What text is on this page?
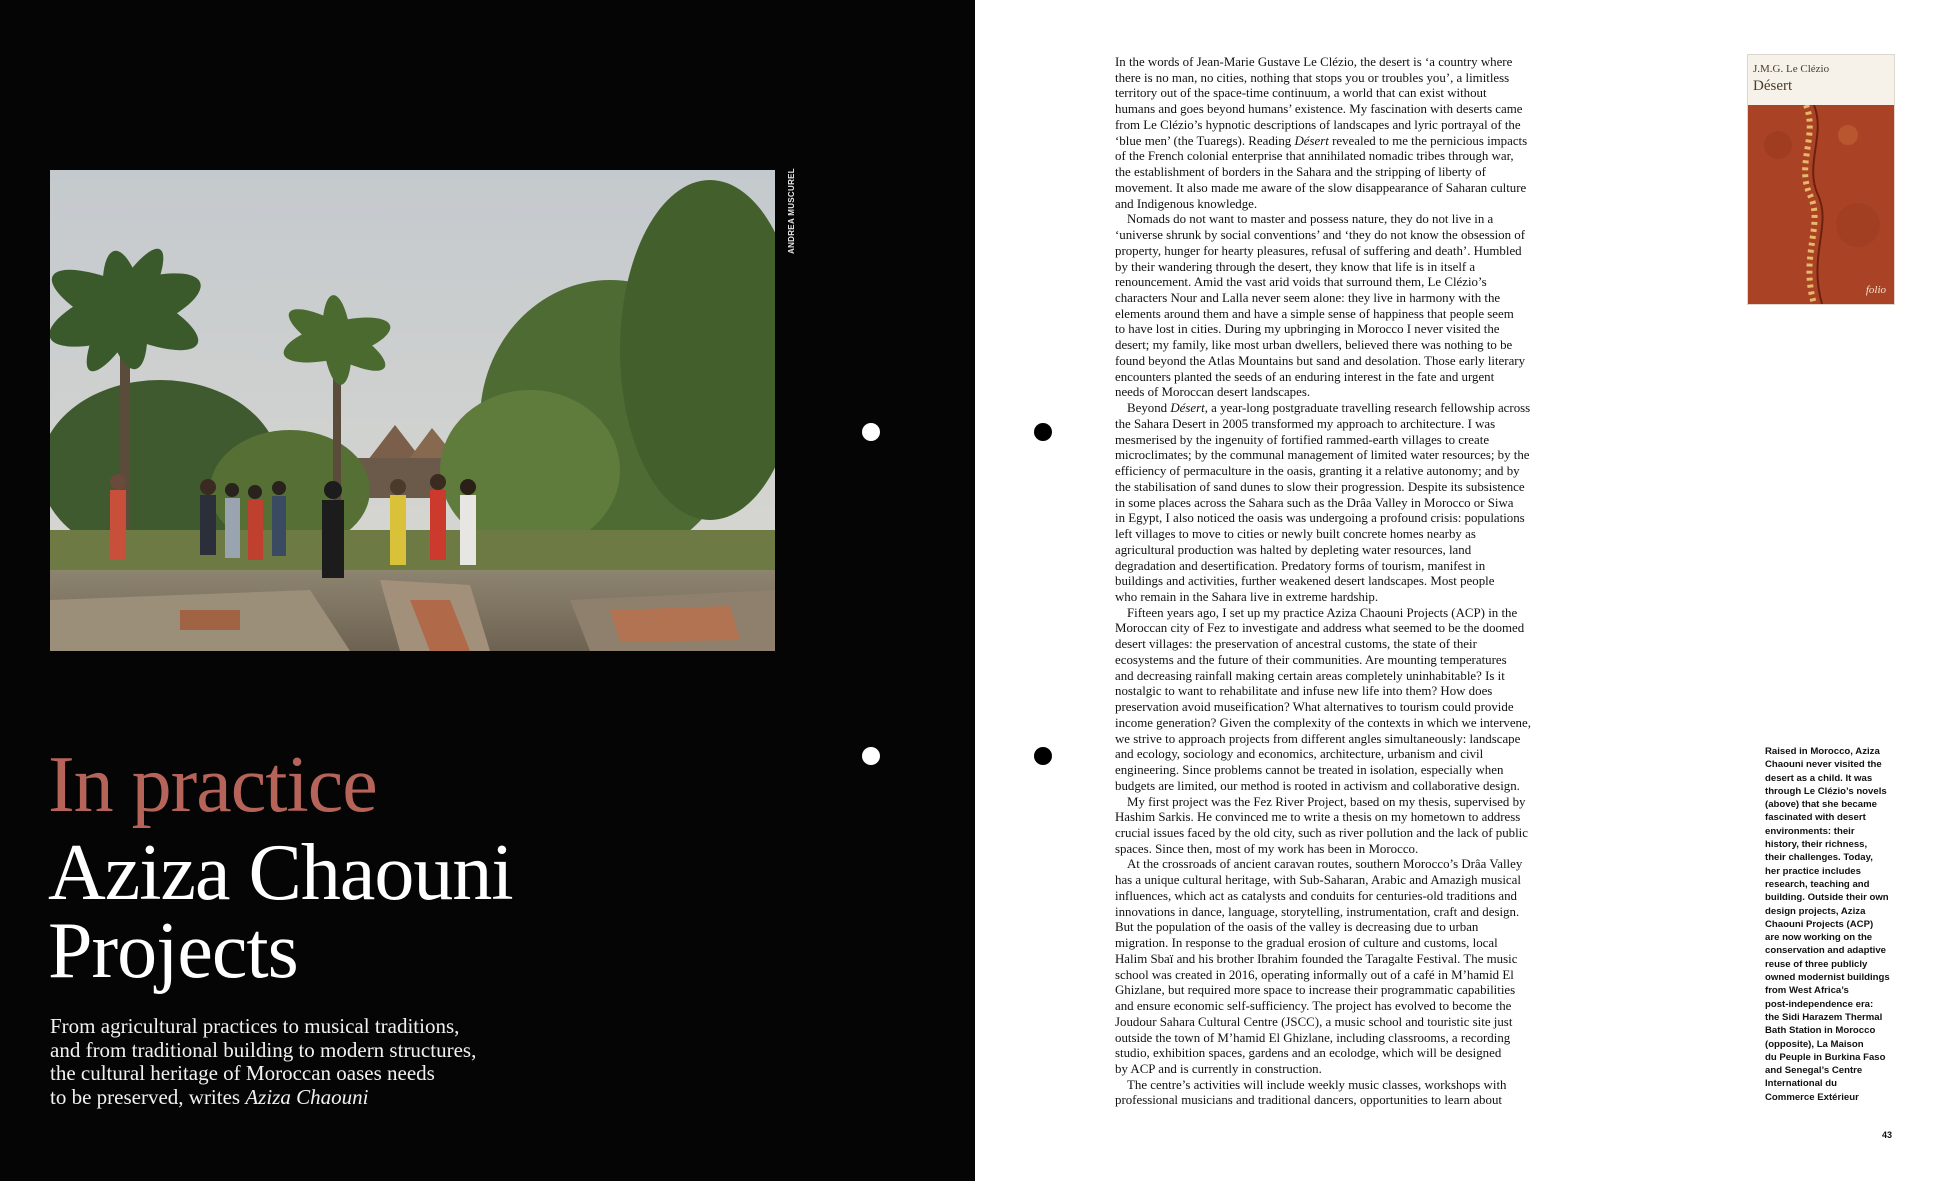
ANDREA MUSCUREL
In practice
Aziza Chaouni
Projects
From agricultural practices to musical traditions,
and from traditional building to modern structures,
the cultural heritage of Moroccan oases needs
to be preserved, writes Aziza Chaouni
In the words of Jean-Marie Gustave Le Clézio, the desert is ‘a country where
there is no man, no cities, nothing that stops you or troubles you’, a limitless
territory out of the space-time continuum, a world that can exist without
humans and goes beyond humans’ existence. My fascination with deserts came
from Le Clézio’s hypnotic descriptions of landscapes and lyric portrayal of the
‘blue men’ (the Tuaregs). Reading Désert revealed to me the pernicious impacts
of the French colonial enterprise that annihilated nomadic tribes through war,
the establishment of borders in the Sahara and the stripping of liberty of
movement. It also made me aware of the slow disappearance of Saharan culture
and Indigenous knowledge.
Nomads do not want to master and possess nature, they do not live in a
‘universe shrunk by social conventions’ and ‘they do not know the obsession of
property, hunger for hearty pleasures, refusal of suffering and death’. Humbled
by their wandering through the desert, they know that life is in itself a
renouncement. Amid the vast arid voids that surround them, Le Clézio’s
characters Nour and Lalla never seem alone: they live in harmony with the
elements around them and have a simple sense of happiness that people seem
to have lost in cities. During my upbringing in Morocco I never visited the
desert; my family, like most urban dwellers, believed there was nothing to be
found beyond the Atlas Mountains but sand and desolation. Those early literary
encounters planted the seeds of an enduring interest in the fate and urgent
needs of Moroccan desert landscapes.
Beyond Désert, a year-long postgraduate travelling research fellowship across
the Sahara Desert in 2005 transformed my approach to architecture. I was
mesmerised by the ingenuity of fortified rammed-earth villages to create
microclimates; by the communal management of limited water resources; by the
efficiency of permaculture in the oasis, granting it a relative autonomy; and by
the stabilisation of sand dunes to slow their progression. Despite its subsistence
in some places across the Sahara such as the Drâa Valley in Morocco or Siwa
in Egypt, I also noticed the oasis was undergoing a profound crisis: populations
left villages to move to cities or newly built concrete homes nearby as
agricultural production was halted by depleting water resources, land
degradation and desertification. Predatory forms of tourism, manifest in
buildings and activities, further weakened desert landscapes. Most people
who remain in the Sahara live in extreme hardship.
Fifteen years ago, I set up my practice Aziza Chaouni Projects (ACP) in the
Moroccan city of Fez to investigate and address what seemed to be the doomed
desert villages: the preservation of ancestral customs, the state of their
ecosystems and the future of their communities. Are mounting temperatures
and decreasing rainfall making certain areas completely uninhabitable? Is it
nostalgic to want to rehabilitate and infuse new life into them? How does
preservation avoid museification? What alternatives to tourism could provide
income generation? Given the complexity of the contexts in which we intervene,
we strive to approach projects from different angles simultaneously: landscape
and ecology, sociology and economics, architecture, urbanism and civil
engineering. Since problems cannot be treated in isolation, especially when
budgets are limited, our method is rooted in activism and collaborative design.
My first project was the Fez River Project, based on my thesis, supervised by
Hashim Sarkis. He convinced me to write a thesis on my hometown to address
crucial issues faced by the old city, such as river pollution and the lack of public
spaces. Since then, most of my work has been in Morocco.
At the crossroads of ancient caravan routes, southern Morocco’s Drâa Valley
has a unique cultural heritage, with Sub-Saharan, Arabic and Amazigh musical
influences, which act as catalysts and conduits for centuries-old traditions and
innovations in dance, language, storytelling, instrumentation, craft and design.
But the population of the oasis of the valley is decreasing due to urban
migration. In response to the gradual erosion of culture and customs, local
Halim Sbaï and his brother Ibrahim founded the Taragalte Festival. The music
school was created in 2016, operating informally out of a café in M’hamid El
Ghizlane, but required more space to increase their programmatic capabilities
and ensure economic self-sufficiency. The project has evolved to become the
Joudour Sahara Cultural Centre (JSCC), a music school and touristic site just
outside the town of M’hamid El Ghizlane, including classrooms, a recording
studio, exhibition spaces, gardens and an ecolodge, which will be designed
by ACP and is currently in construction.
The centre’s activities will include weekly music classes, workshops with
professional musicians and traditional dancers, opportunities to learn about
J.M.G. Le Clézio
Désert
folio
Raised in Morocco, Aziza
Chaouni never visited the
desert as a child. It was
through Le Clézio’s novels
(above) that she became
fascinated with desert
environments: their
history, their richness,
their challenges. Today,
her practice includes
research, teaching and
building. Outside their own
design projects, Aziza
Chaouni Projects (ACP)
are now working on the
conservation and adaptive
reuse of three publicly
owned modernist buildings
from West Africa’s
post-independence era:
the Sidi Harazem Thermal
Bath Station in Morocco
(opposite), La Maison
du Peuple in Burkina Faso
and Senegal’s Centre
International du
Commerce Extérieur
43
